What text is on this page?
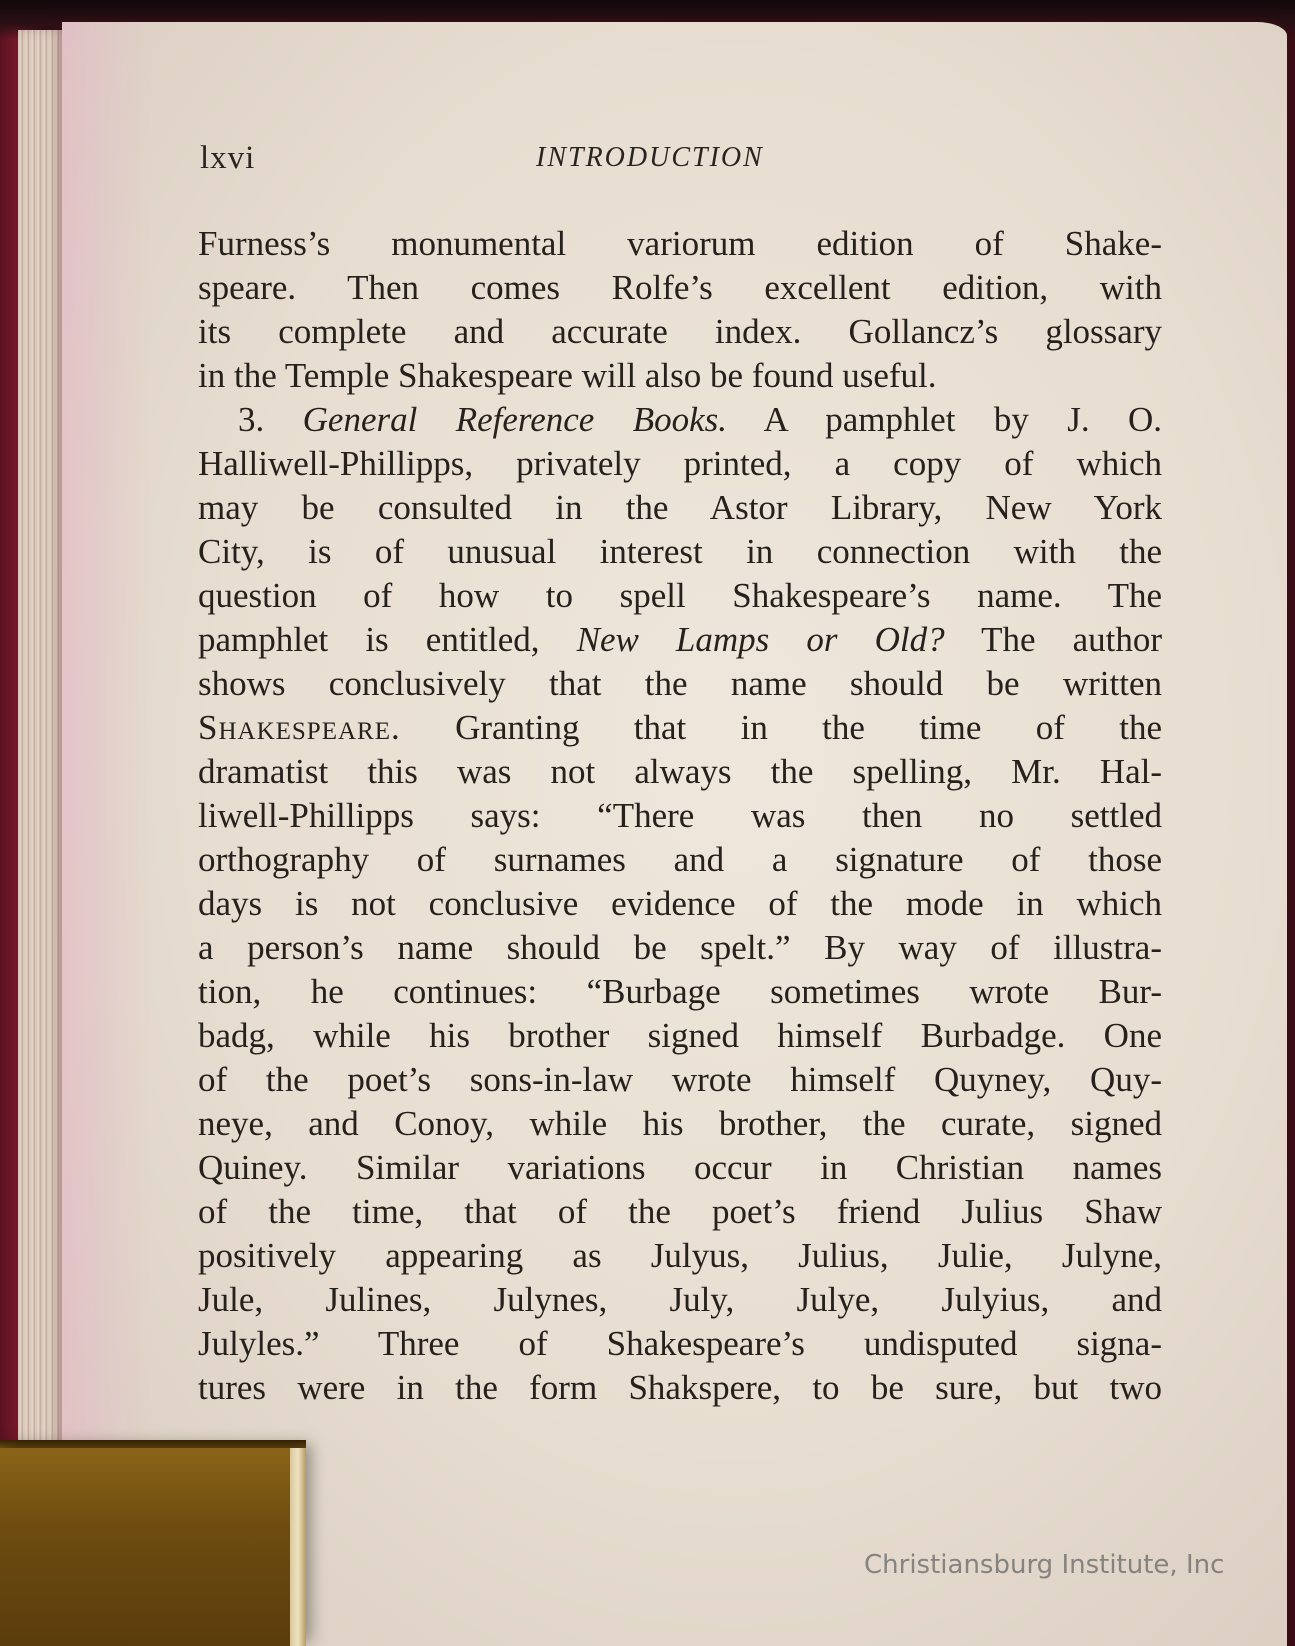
lxvi	INTRODUCTION
Furness’s monumental variorum edition of Shake-
speare. Then comes Rolfe’s excellent edition, with
its complete and accurate index. Gollancz’s glossary
in the Temple Shakespeare will also be found useful.
3. General Reference Books. A pamphlet by J. O.
Halliwell-Phillipps, privately printed, a copy of which
may be consulted in the Astor Library, New York
City, is of unusual interest in connection with the
question of how to spell Shakespeare’s name. The
pamphlet is entitled, New Lamps or Old? The author
shows conclusively that the name should be written
Shakespeare. Granting that in the time of the
dramatist this was not always the spelling, Mr. Hal-
liwell-Phillipps says: “There was then no settled
orthography of surnames and a signature of those
days is not conclusive evidence of the mode in which
a person’s name should be spelt.” By way of illustra-
tion, he continues: “Burbage sometimes wrote Bur-
badg, while his brother signed himself Burbadge. One
of the poet’s sons-in-law wrote himself Quyney, Quy-
neye, and Conoy, while his brother, the curate, signed
Quiney. Similar variations occur in Christian names
of the time, that of the poet’s friend Julius Shaw
positively appearing as Julyus, Julius, Julie, Julyne,
Jule, Julines, Julynes, July, Julye, Julyius, and
Julyles.” Three of Shakespeare’s undisputed signa-
tures were in the form Shakspere, to be sure, but two
Christiansburg Institute, Inc
